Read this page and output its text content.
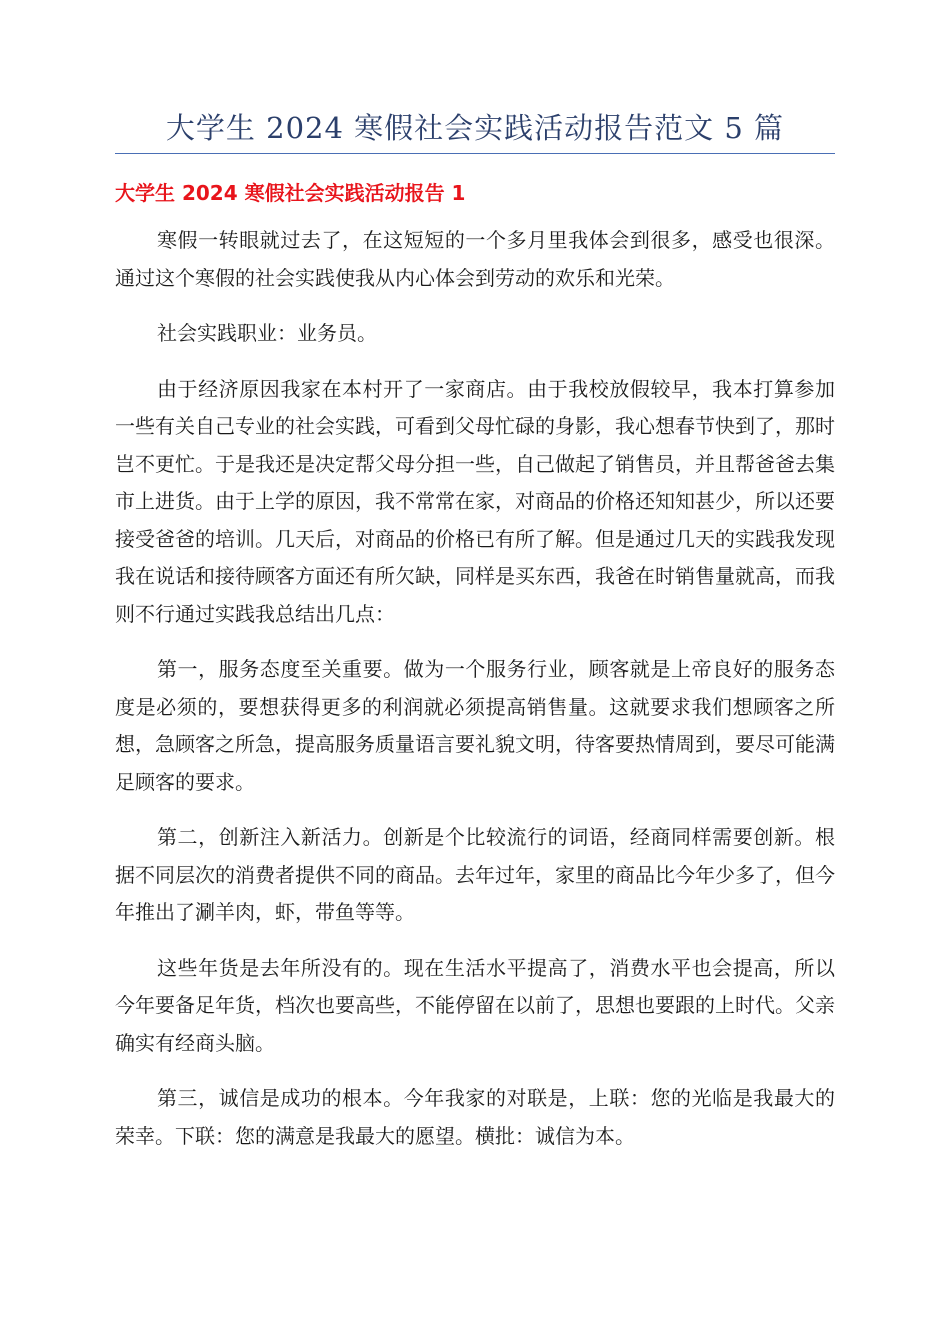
大学生 2024 寒假社会实践活动报告范文 5 篇
大学生 2024 寒假社会实践活动报告 1

寒假一转眼就过去了，在这短短的一个多月里我体会到很多，感受也很深。通过这个寒假的社会实践使我从内心体会到劳动的欢乐和光荣。

社会实践职业：业务员。

由于经济原因我家在本村开了一家商店。由于我校放假较早，我本打算参加一些有关自己专业的社会实践，可看到父母忙碌的身影，我心想春节快到了，那时岂不更忙。于是我还是决定帮父母分担一些，自己做起了销售员，并且帮爸爸去集市上进货。由于上学的原因，我不常常在家，对商品的价格还知知甚少，所以还要接受爸爸的培训。几天后，对商品的价格已有所了解。但是通过几天的实践我发现我在说话和接待顾客方面还有所欠缺，同样是买东西，我爸在时销售量就高，而我则不行通过实践我总结出几点：

第一，服务态度至关重要。做为一个服务行业，顾客就是上帝良好的服务态度是必须的，要想获得更多的利润就必须提高销售量。这就要求我们想顾客之所想，急顾客之所急，提高服务质量语言要礼貌文明，待客要热情周到，要尽可能满足顾客的要求。

第二，创新注入新活力。创新是个比较流行的词语，经商同样需要创新。根据不同层次的消费者提供不同的商品。去年过年，家里的商品比今年少多了，但今年推出了涮羊肉，虾，带鱼等等。

这些年货是去年所没有的。现在生活水平提高了，消费水平也会提高，所以今年要备足年货，档次也要高些，不能停留在以前了，思想也要跟的上时代。父亲确实有经商头脑。

第三，诚信是成功的根本。今年我家的对联是，上联：您的光临是我最大的荣幸。下联：您的满意是我最大的愿望。横批：诚信为本。
